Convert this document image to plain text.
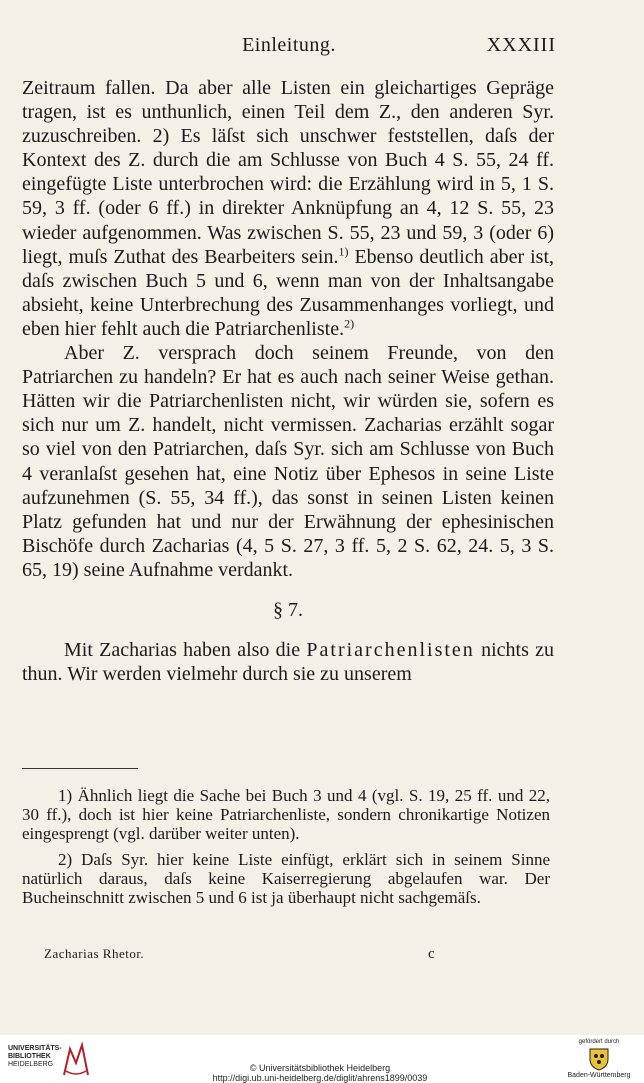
Einleitung.	XXXIII

Zeitraum fallen. Da aber alle Listen ein gleichartiges Gepräge tragen, ist es unthunlich, einen Teil dem Z., den anderen Syr. zuzuschreiben. 2) Es läſst sich unschwer feststellen, daſs der Kontext des Z. durch die am Schlusse von Buch 4 S. 55, 24 ff. eingefügte Liste unterbrochen wird: die Erzählung wird in 5, 1 S. 59, 3 ff. (oder 6 ff.) in direkter Anknüpfung an 4, 12 S. 55, 23 wieder aufgenommen. Was zwischen S. 55, 23 und 59, 3 (oder 6) liegt, muſs Zuthat des Bearbeiters sein.$^{1)}$ Ebenso deutlich aber ist, daſs zwischen Buch 5 und 6, wenn man von der Inhaltsangabe absieht, keine Unterbrechung des Zusammenhanges vorliegt, und eben hier fehlt auch die Patriarchenliste.$^{2)}$

Aber Z. versprach doch seinem Freunde, von den Patriarchen zu handeln? Er hat es auch nach seiner Weise gethan. Hätten wir die Patriarchenlisten nicht, wir würden sie, sofern es sich nur um Z. handelt, nicht vermissen. Zacharias erzählt sogar so viel von den Patriarchen, daſs Syr. sich am Schlusse von Buch 4 veranlaſst gesehen hat, eine Notiz über Ephesos in seine Liste aufzunehmen (S. 55, 34 ff.), das sonst in seinen Listen keinen Platz gefunden hat und nur der Erwähnung der ephesinischen Bischöfe durch Zacharias (4, 5 S. 27, 3 ff. 5, 2 S. 62, 24. 5, 3 S. 65, 19) seine Aufnahme verdankt.

§ 7.

Mit Zacharias haben also die Patriarchenlisten nichts zu thun. Wir werden vielmehr durch sie zu unserem

1) Ähnlich liegt die Sache bei Buch 3 und 4 (vgl. S. 19, 25 ff. und 22, 30 ff.), doch ist hier keine Patriarchenliste, sondern chronikartige Notizen eingesprengt (vgl. darüber weiter unten).

2) Daſs Syr. hier keine Liste einfügt, erklärt sich in seinem Sinne natürlich daraus, daſs keine Kaiserregierung abgelaufen war. Der Bucheinschnitt zwischen 5 und 6 ist ja überhaupt nicht sachgemäſs.

Zacharias Rhetor.	c
UNIVERSITÄTS-
BIBLIOTHEK
HEIDELBERG	© Universitätsbibliothek Heidelberg
http://digi.ub.uni-heidelberg.de/diglit/ahrens1899/0039
gefördert durch
Baden-Württemberg
